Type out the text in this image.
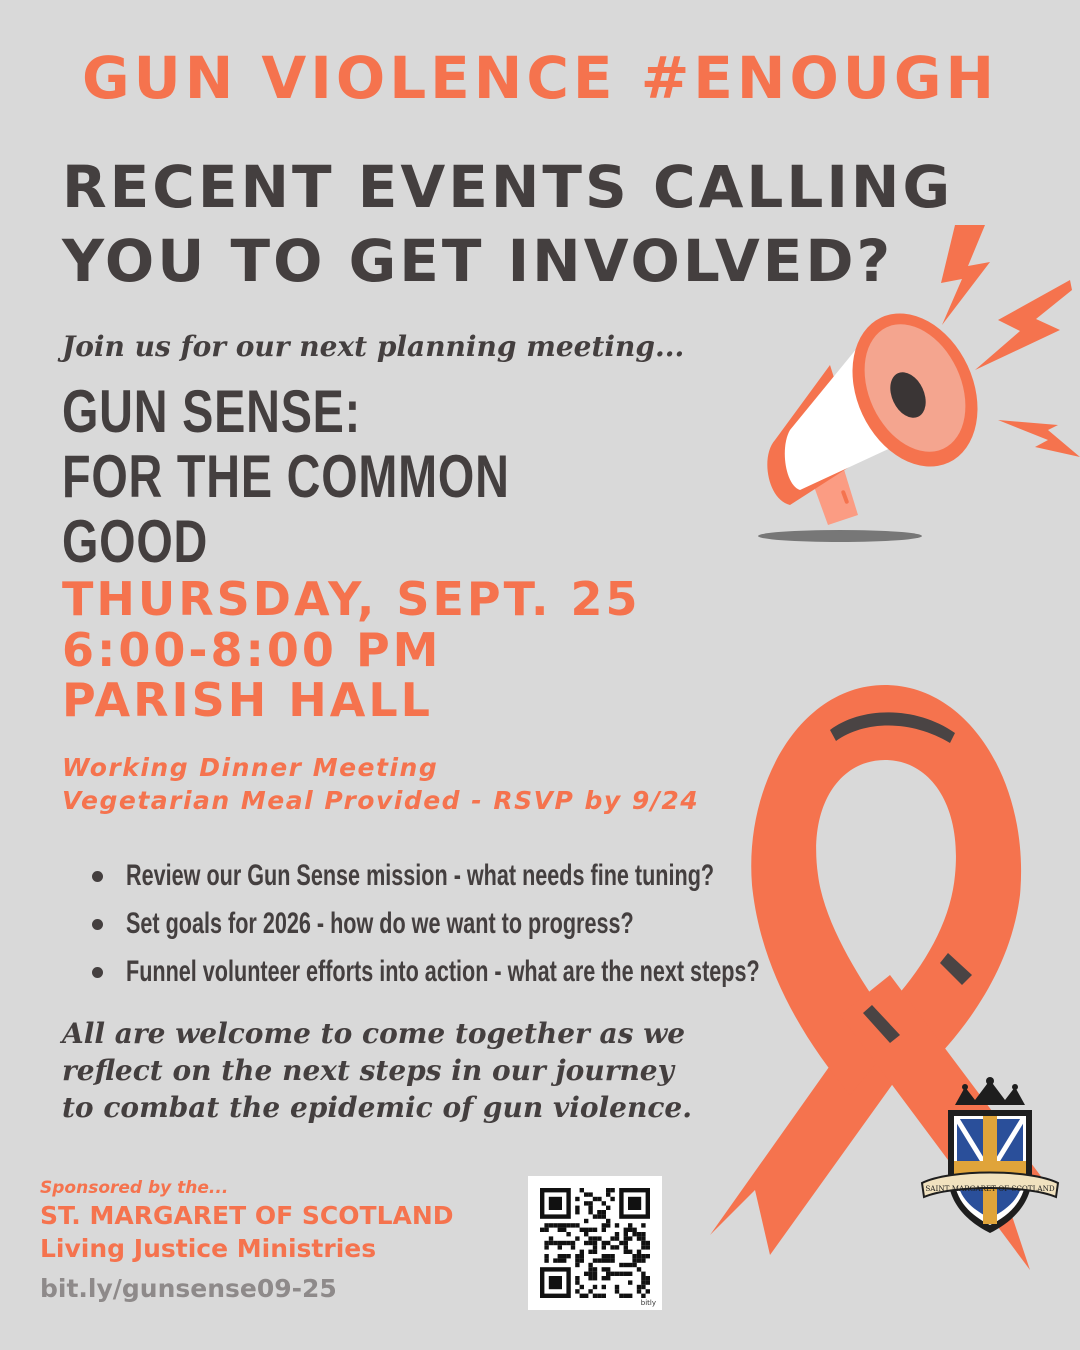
GUN VIOLENCE #ENOUGH
RECENT EVENTS CALLING
YOU TO GET INVOLVED?
Join us for our next planning meeting...
GUN SENSE:
FOR THE COMMON GOOD
THURSDAY, SEPT. 25
6:00-8:00 PM
PARISH HALL
Working Dinner Meeting
Vegetarian Meal Provided - RSVP by 9/24
Review our Gun Sense mission - what needs fine tuning?
Set goals for 2026 - how do we want to progress?
Funnel volunteer efforts into action - what are the next steps?
All are welcome to come together as we
reflect on the next steps in our journey
to combat the epidemic of gun violence.
Sponsored by the...
ST. MARGARET OF SCOTLAND
Living Justice Ministries
bit.ly/gunsense09-25	bitly
SAINT MARGARET OF SCOTLAND
